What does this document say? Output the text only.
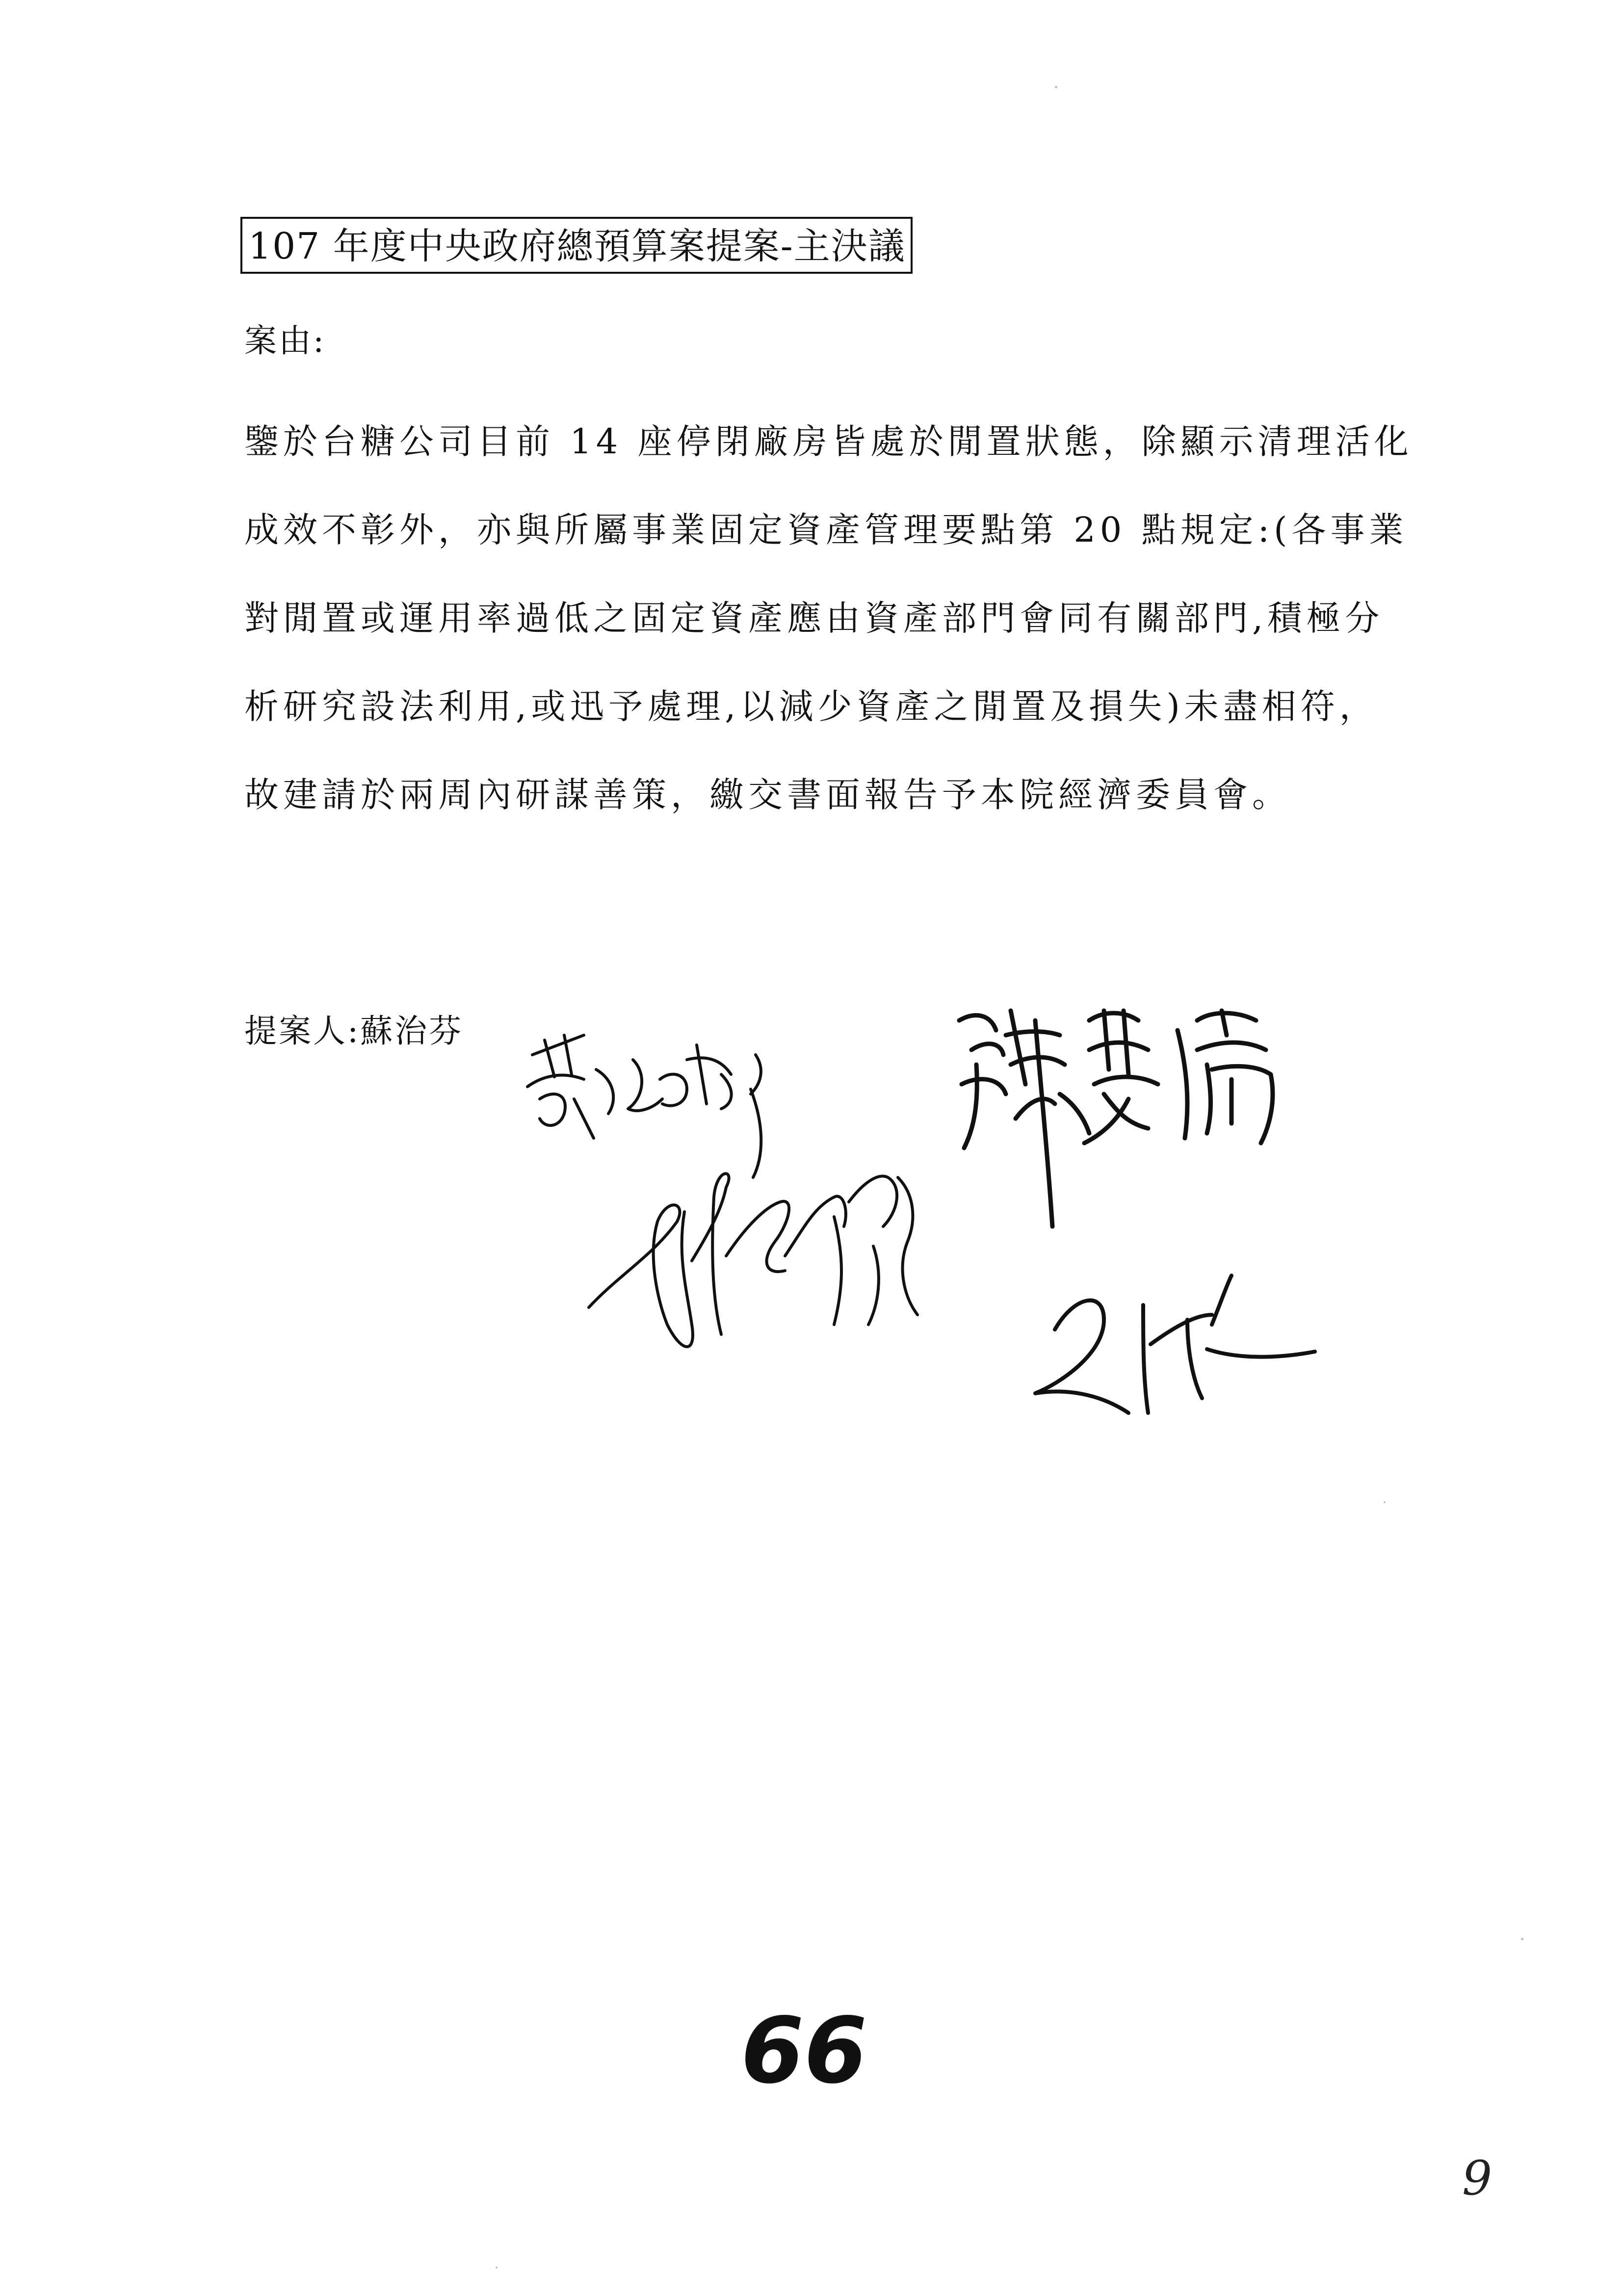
107 年度中央政府總預算案提案-主決議
案由:
鑒於台糖公司目前 14 座停閉廠房皆處於閒置狀態，除顯示清理活化
成效不彰外，亦與所屬事業固定資產管理要點第 20 點規定:(各事業
對閒置或運用率過低之固定資產應由資產部門會同有關部門,積極分
析研究設法利用,或迅予處理,以減少資產之閒置及損失)未盡相符，
故建請於兩周內研謀善策，繳交書面報告予本院經濟委員會。
提案人:蘇治芬
66
9
